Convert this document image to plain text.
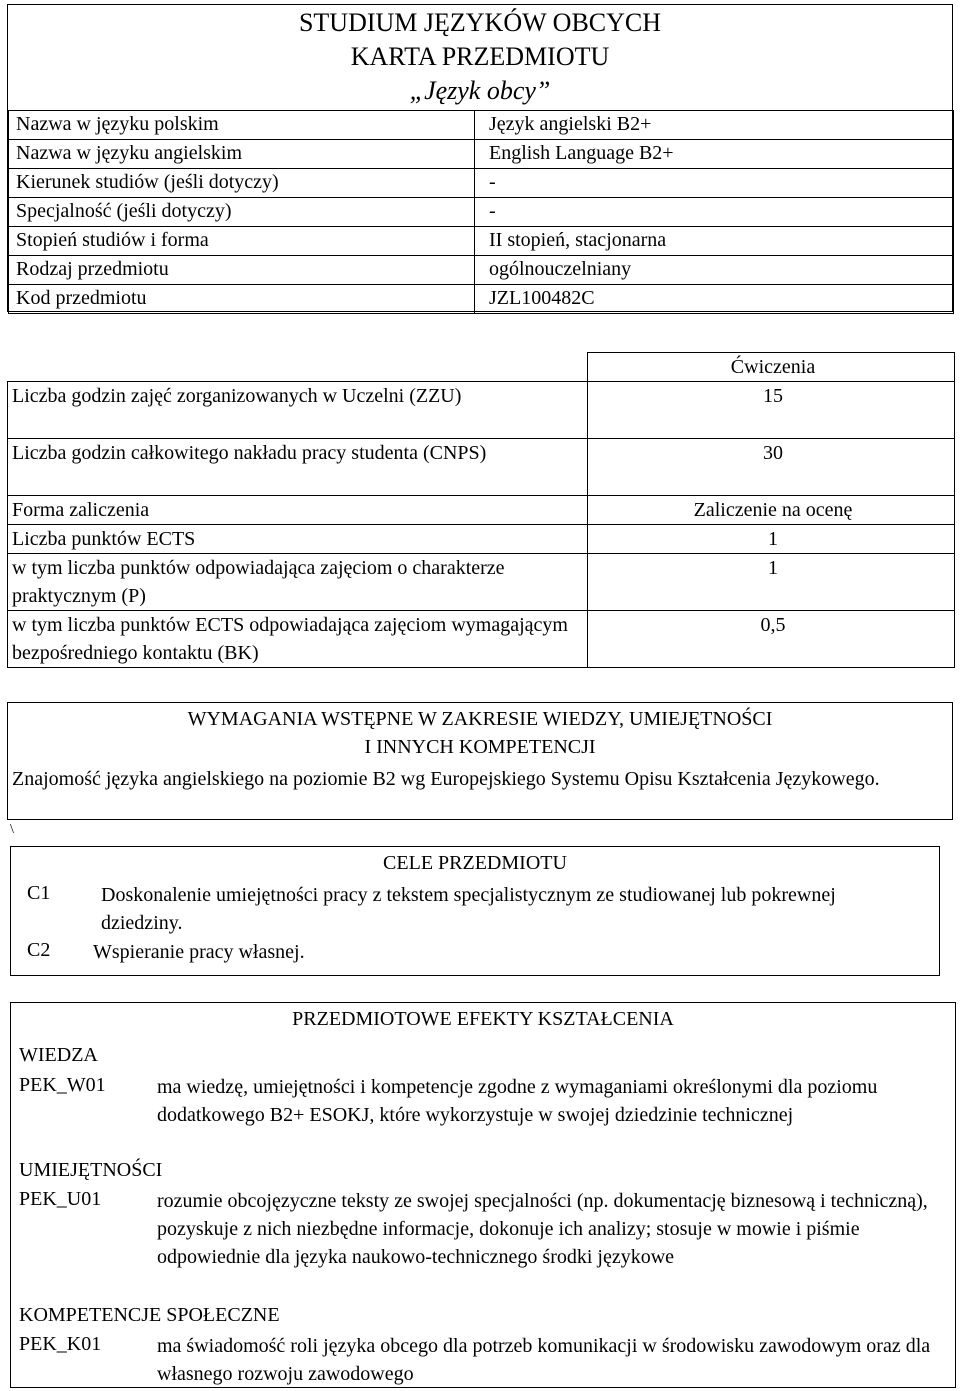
STUDIUM JĘZYKÓW OBCYCH
KARTA PRZEDMIOTU
„Język obcy”
Nazwa w języku polskim	Język angielski B2+
Nazwa w języku angielskim	English Language B2+
Kierunek studiów (jeśli dotyczy)	-
Specjalność (jeśli dotyczy)	-
Stopień studiów i forma	II stopień, stacjonarna
Rodzaj przedmiotu	ogólnouczelniany
Kod przedmiotu	JZL100482C
	Ćwiczenia
Liczba godzin zajęć zorganizowanych w Uczelni (ZZU)	15
Liczba godzin całkowitego nakładu pracy studenta (CNPS)	30
Forma zaliczenia	Zaliczenie na ocenę
Liczba punktów ECTS	1
w tym liczba punktów odpowiadająca zajęciom o charakterze praktycznym (P)	1
w tym liczba punktów ECTS odpowiadająca zajęciom wymagającym bezpośredniego kontaktu (BK)	0,5
WYMAGANIA WSTĘPNE W ZAKRESIE WIEDZY, UMIEJĘTNOŚCI
I INNYCH KOMPETENCJI
Znajomość języka angielskiego na poziomie B2 wg Europejskiego Systemu Opisu Kształcenia Językowego.
\
CELE PRZEDMIOTU
C1	Doskonalenie umiejętności pracy z tekstem specjalistycznym ze studiowanej lub pokrewnej dziedziny.
C2 Wspieranie pracy własnej.
PRZEDMIOTOWE EFEKTY KSZTAŁCENIA
WIEDZA
PEK_W01	ma wiedzę, umiejętności i kompetencje zgodne z wymaganiami określonymi dla poziomu dodatkowego B2+ ESOKJ, które wykorzystuje w swojej dziedzinie technicznej
UMIEJĘTNOŚCI
PEK_U01	rozumie obcojęzyczne teksty ze swojej specjalności (np. dokumentację biznesową i techniczną), pozyskuje z nich niezbędne informacje, dokonuje ich analizy; stosuje w mowie i piśmie odpowiednie dla języka naukowo-technicznego środki językowe
KOMPETENCJE SPOŁECZNE
PEK_K01	ma świadomość roli języka obcego dla potrzeb komunikacji w środowisku zawodowym oraz dla własnego rozwoju zawodowego
